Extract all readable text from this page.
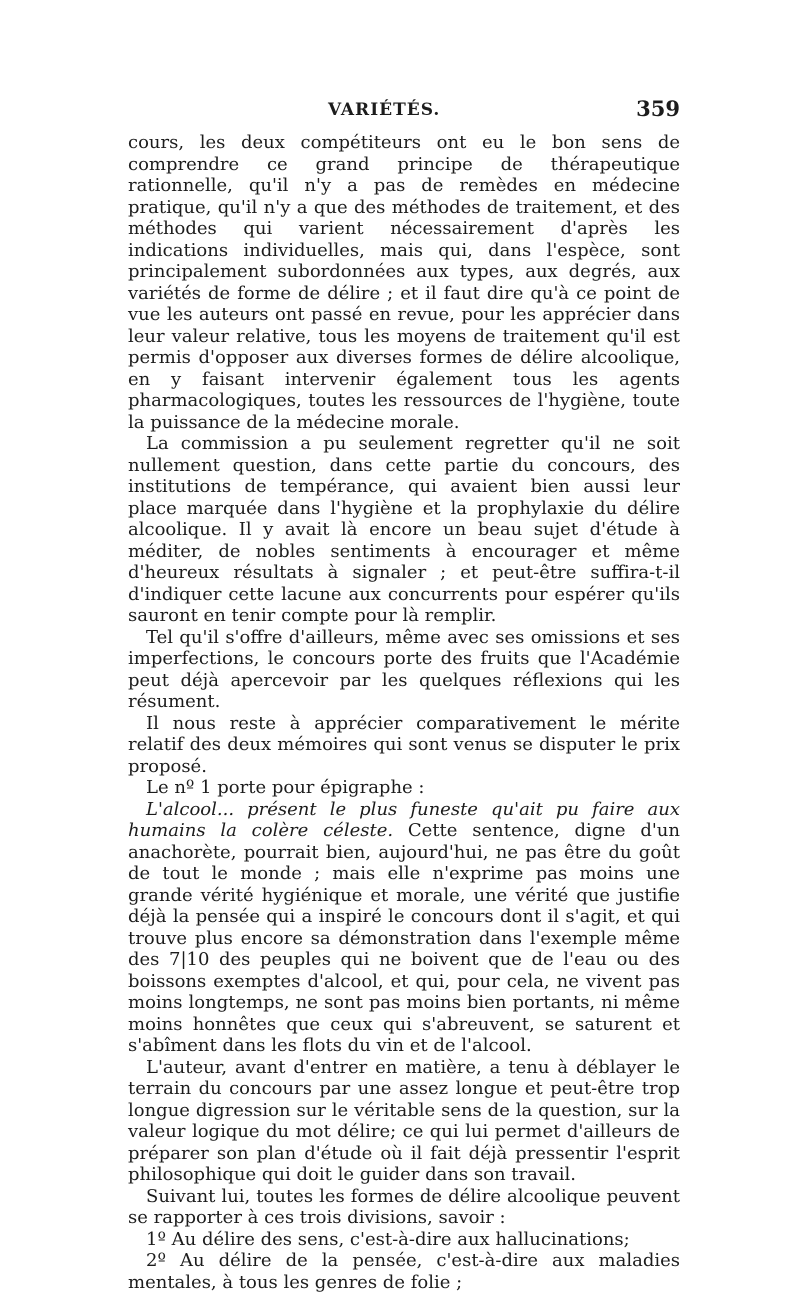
VARIÉTÉS.	359

cours, les deux compétiteurs ont eu le bon sens de comprendre ce grand principe de thérapeutique rationnelle, qu'il n'y a pas de remèdes en médecine pratique, qu'il n'y a que des méthodes de traitement, et des méthodes qui varient nécessairement d'après les indications individuelles, mais qui, dans l'espèce, sont principalement subordonnées aux types, aux degrés, aux variétés de forme de délire ; et il faut dire qu'à ce point de vue les auteurs ont passé en revue, pour les apprécier dans leur valeur relative, tous les moyens de traitement qu'il est permis d'opposer aux diverses formes de délire alcoolique, en y faisant intervenir également tous les agents pharmacologiques, toutes les ressources de l'hygiène, toute la puissance de la médecine morale.

La commission a pu seulement regretter qu'il ne soit nullement question, dans cette partie du concours, des institutions de tempérance, qui avaient bien aussi leur place marquée dans l'hygiène et la prophylaxie du délire alcoolique. Il y avait là encore un beau sujet d'étude à méditer, de nobles sentiments à encourager et même d'heureux résultats à signaler ; et peut-être suffira-t-il d'indiquer cette lacune aux concurrents pour espérer qu'ils sauront en tenir compte pour là remplir.

Tel qu'il s'offre d'ailleurs, même avec ses omissions et ses imperfections, le concours porte des fruits que l'Académie peut déjà apercevoir par les quelques réflexions qui les résument.

Il nous reste à apprécier comparativement le mérite relatif des deux mémoires qui sont venus se disputer le prix proposé.

Le nº 1 porte pour épigraphe :

L'alcool... présent le plus funeste qu'ait pu faire aux humains la colère céleste. Cette sentence, digne d'un anachorète, pourrait bien, aujourd'hui, ne pas être du goût de tout le monde ; mais elle n'exprime pas moins une grande vérité hygiénique et morale, une vérité que justifie déjà la pensée qui a inspiré le concours dont il s'agit, et qui trouve plus encore sa démonstration dans l'exemple même des 7|10 des peuples qui ne boivent que de l'eau ou des boissons exemptes d'alcool, et qui, pour cela, ne vivent pas moins longtemps, ne sont pas moins bien portants, ni même moins honnêtes que ceux qui s'abreuvent, se saturent et s'abîment dans les flots du vin et de l'alcool.

L'auteur, avant d'entrer en matière, a tenu à déblayer le terrain du concours par une assez longue et peut-être trop longue digression sur le véritable sens de la question, sur la valeur logique du mot délire; ce qui lui permet d'ailleurs de préparer son plan d'étude où il fait déjà pressentir l'esprit philosophique qui doit le guider dans son travail.

Suivant lui, toutes les formes de délire alcoolique peuvent se rapporter à ces trois divisions, savoir :

1º Au délire des sens, c'est-à-dire aux hallucinations;

2º Au délire de la pensée, c'est-à-dire aux maladies mentales, à tous les genres de folie ;
